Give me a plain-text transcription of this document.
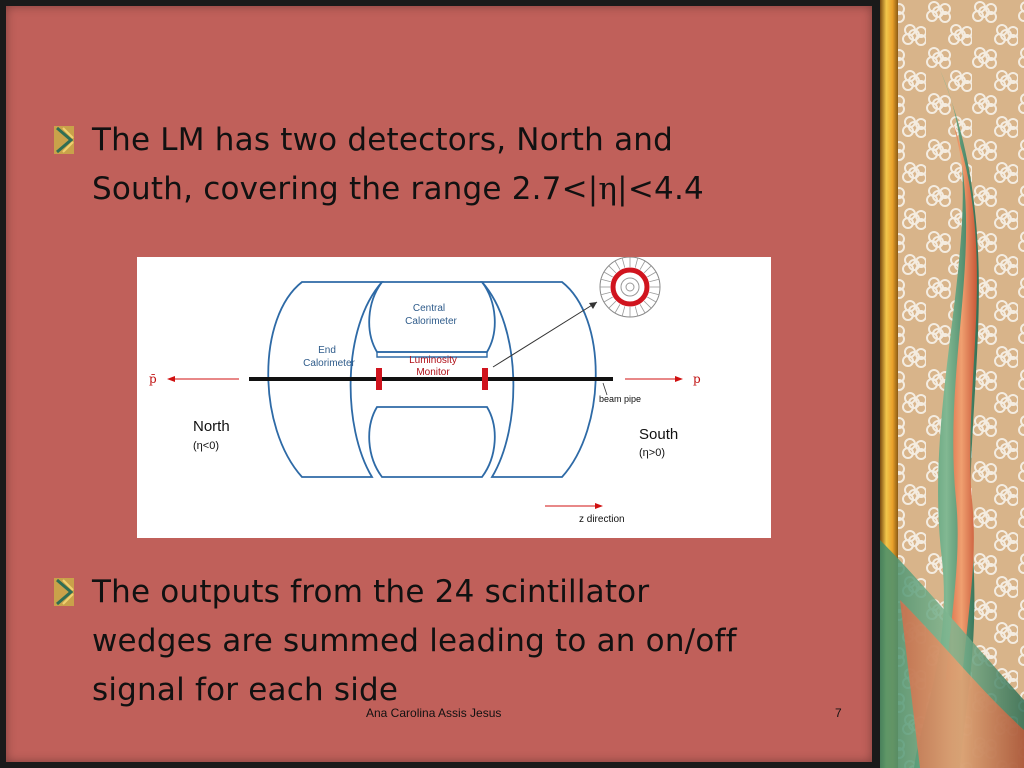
The LM has two detectors, North and
South, covering the range 2.7<|η|<4.4
Central
Calorimeter
End
Calorimeter	Luminosity
Monitor
p̄	p
beam pipe
North
(η<0)
South
(η>0)
z direction
The outputs from the 24 scintillator
wedges are summed leading to an on/off
signal for each side
Ana Carolina Assis Jesus	7
